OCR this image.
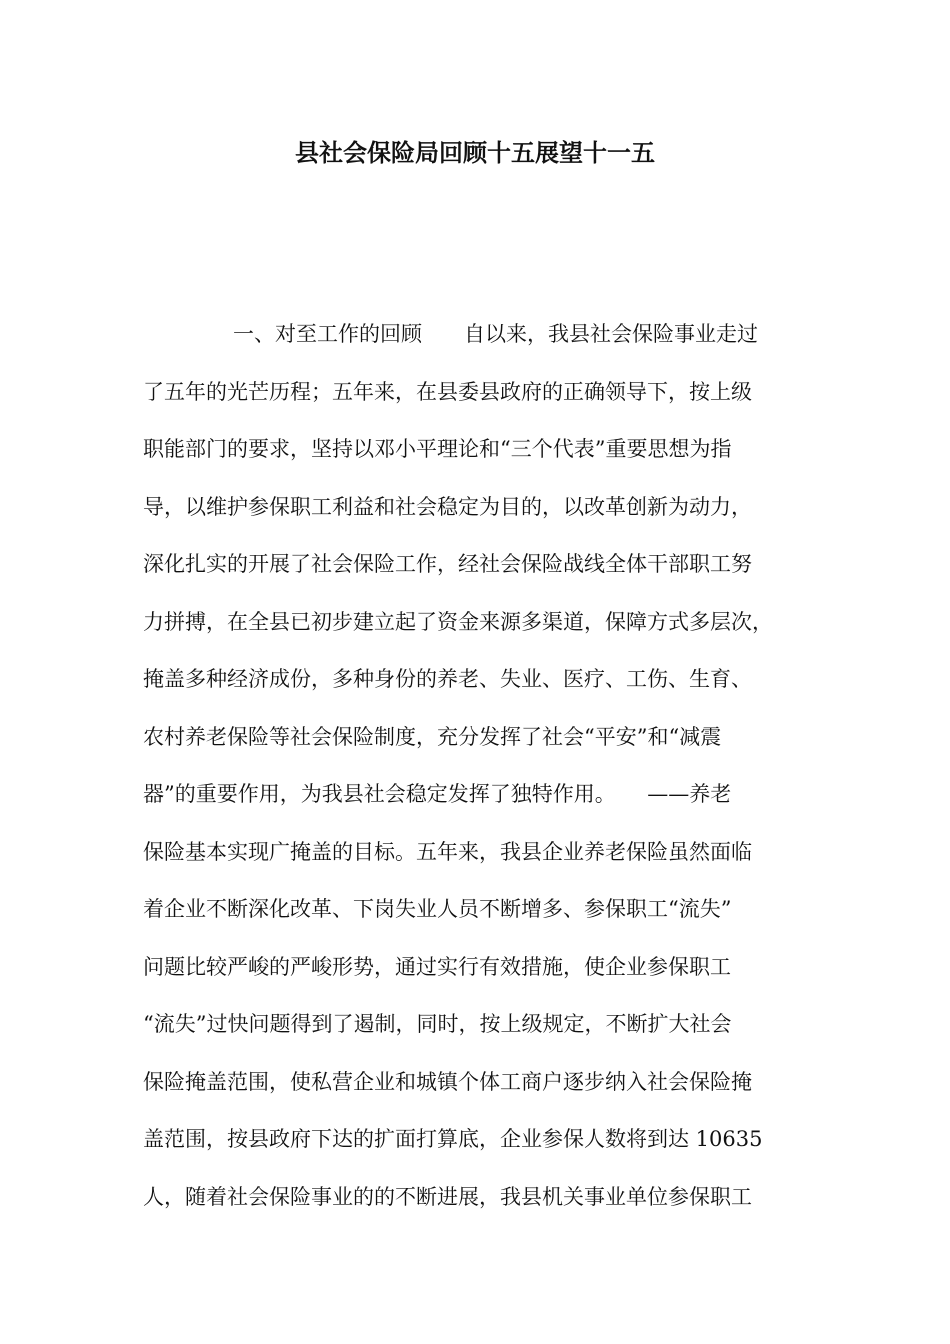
县社会保险局回顾十五展望十一五
一、对至工作的回顾　　自以来，我县社会保险事业走过
了五年的光芒历程；五年来，在县委县政府的正确领导下，按上级
职能部门的要求，坚持以邓小平理论和“三个代表”重要思想为指
导，以维护参保职工利益和社会稳定为目的，以改革创新为动力，
深化扎实的开展了社会保险工作，经社会保险战线全体干部职工努
力拼搏，在全县已初步建立起了资金来源多渠道，保障方式多层次，
掩盖多种经济成份，多种身份的养老、失业、医疗、工伤、生育、
农村养老保险等社会保险制度，充分发挥了社会“平安”和“减震
器”的重要作用，为我县社会稳定发挥了独特作用。　　——养老
保险基本实现广掩盖的目标。五年来，我县企业养老保险虽然面临
着企业不断深化改革、下岗失业人员不断增多、参保职工“流失”
问题比较严峻的严峻形势，通过实行有效措施，使企业参保职工
“流失”过快问题得到了遏制，同时，按上级规定，不断扩大社会
保险掩盖范围，使私营企业和城镇个体工商户逐步纳入社会保险掩
盖范围，按县政府下达的扩面打算底，企业参保人数将到达 10635
人，随着社会保险事业的的不断进展，我县机关事业单位参保职工
